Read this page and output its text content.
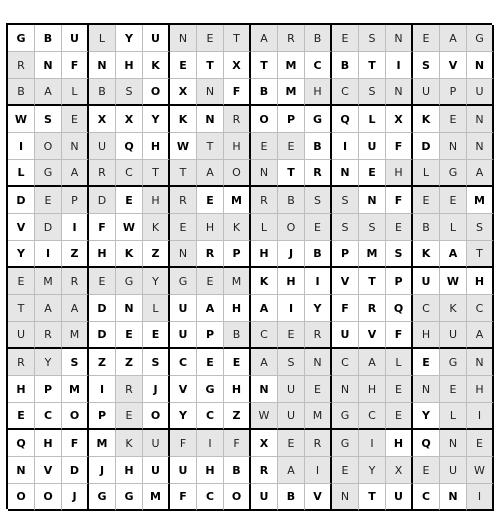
G	B	U	L	Y	U	N	E	T	A	R	B	E	S	N	E	A	G
R	N	F	N	H	K	E	T	X	T	M	C	B	T	I	S	V	N
B	A	L	B	S	O	X	N	F	B	M	H	C	S	N	U	P	U
W	S	E	X	X	Y	K	N	R	O	P	G	Q	L	X	K	E	N
I	O	N	U	Q	H	W	T	H	E	E	B	I	U	F	D	N	N
L	G	A	R	C	T	T	A	O	N	T	R	N	E	H	L	G	A
D	E	P	D	E	H	R	E	M	R	B	S	S	N	F	E	E	M
V	D	I	F	W	K	E	H	K	L	O	E	S	S	E	B	L	S
Y	I	Z	H	K	Z	N	R	P	H	J	B	P	M	S	K	A	T
E	M	R	E	G	Y	G	E	M	K	H	I	V	T	P	U	W	H
T	A	A	D	N	L	U	A	H	A	I	Y	F	R	Q	C	K	C
U	R	M	D	E	E	U	P	B	C	E	R	U	V	F	H	U	A
R	Y	S	Z	Z	S	C	E	E	A	S	N	C	A	L	E	G	N
H	P	M	I	R	J	V	G	H	N	U	E	N	H	E	N	E	H
E	C	O	P	E	O	Y	C	Z	W	U	M	G	C	E	Y	L	I
Q	H	F	M	K	U	F	I	F	X	E	R	G	I	H	Q	N	E
N	V	D	J	H	U	U	H	B	R	A	I	E	Y	X	E	U	W
O	O	J	G	G	M	F	C	O	U	B	V	N	T	U	C	N	I
